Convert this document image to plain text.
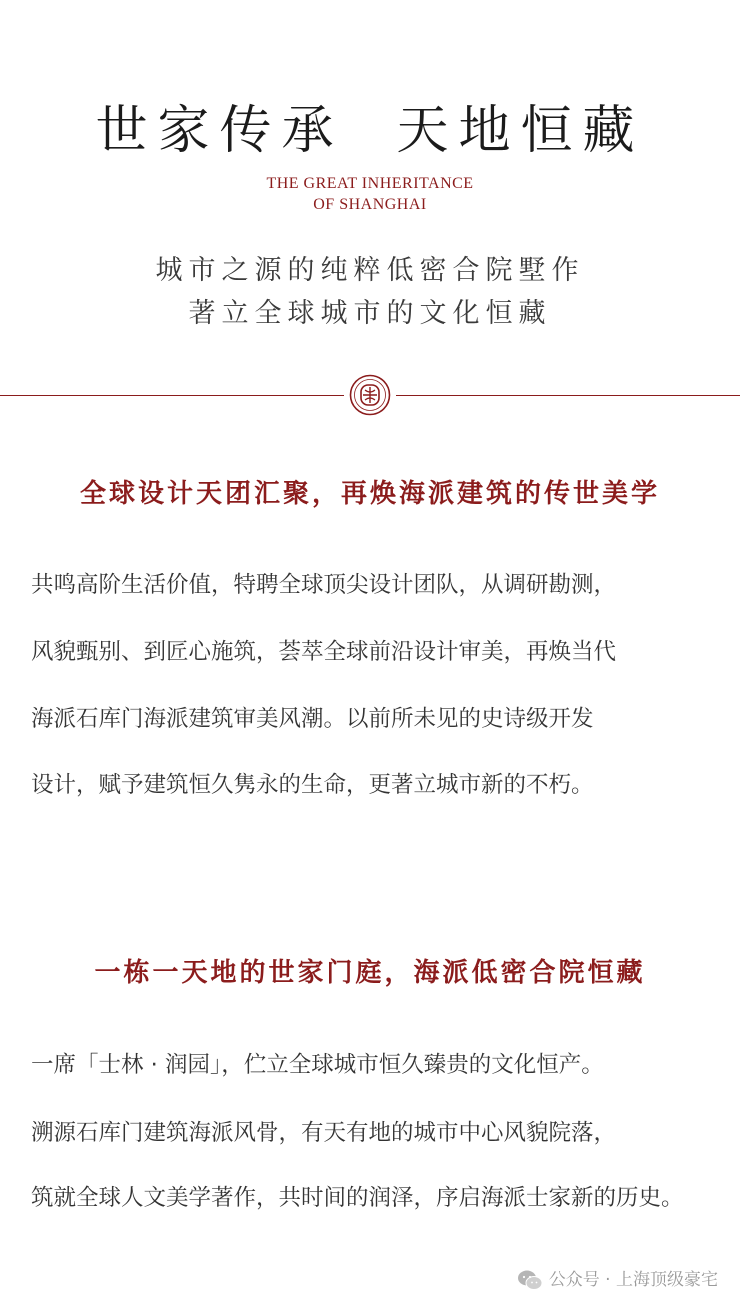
世家传承  天地恒藏
THE GREAT INHERITANCE
OF SHANGHAI
城市之源的纯粹低密合院墅作
著立全球城市的文化恒藏
全球设计天团汇聚，再焕海派建筑的传世美学
共鸣高阶生活价值，特聘全球顶尖设计团队，从调研勘测，
风貌甄别、到匠心施筑，荟萃全球前沿设计审美，再焕当代
海派石库门海派建筑审美风潮。以前所未见的史诗级开发
设计，赋予建筑恒久隽永的生命，更著立城市新的不朽。
一栋一天地的世家门庭，海派低密合院恒藏
一席「士林 · 润园」，伫立全球城市恒久臻贵的文化恒产。
溯源石库门建筑海派风骨，有天有地的城市中心风貌院落，
筑就全球人文美学著作，共时间的润泽，序启海派士家新的历史。
公众号 · 上海顶级豪宅
